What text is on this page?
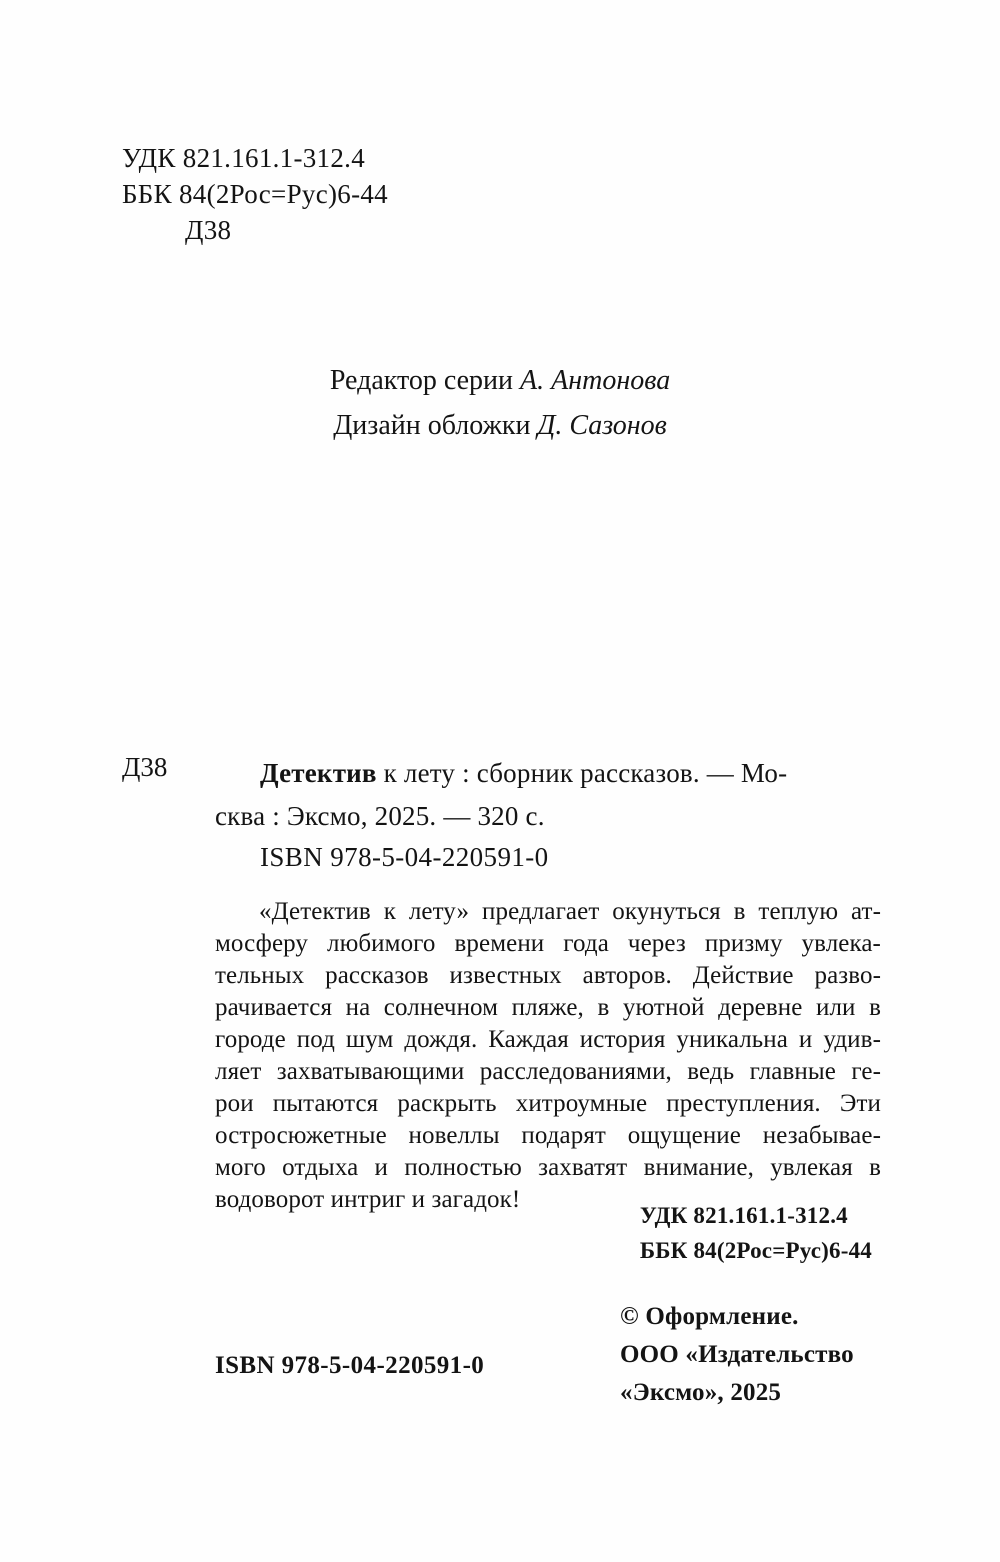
УДК 821.161.1-312.4
ББК 84(2Рос=Рус)6-44
Д38
Редактор серии А. Антонова
Дизайн обложки Д. Сазонов
Д38	Детектив к лету : сборник рассказов. — Мо-
сква : Эксмо, 2025. — 320 с.
ISBN 978-5-04-220591-0
«Детектив к лету» предлагает окунуться в теплую ат-
мосферу любимого времени года через призму увлека-
тельных рассказов известных авторов. Действие разво-
рачивается на солнечном пляже, в уютной деревне или в
городе под шум дождя. Каждая история уникальна и удив-
ляет захватывающими расследованиями, ведь главные ге-
рои пытаются раскрыть хитроумные преступления. Эти
остросюжетные новеллы подарят ощущение незабывае-
мого отдыха и полностью захватят внимание, увлекая в
водоворот интриг и загадок!
УДК 821.161.1-312.4
ББК 84(2Рос=Рус)6-44
© Оформление.
ООО «Издательство
«Эксмо», 2025
ISBN 978-5-04-220591-0
